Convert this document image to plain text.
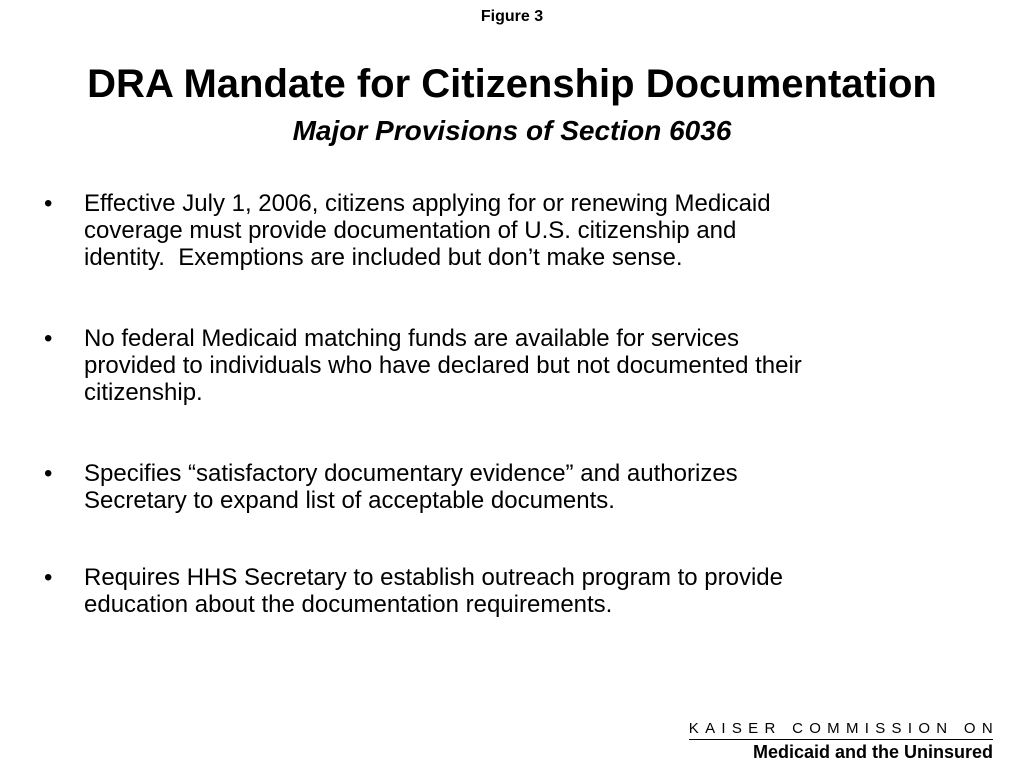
Figure 3
DRA Mandate for Citizenship Documentation
Major Provisions of Section 6036
• Effective July 1, 2006, citizens applying for or renewing Medicaid
coverage must provide documentation of U.S. citizenship and
identity.  Exemptions are included but don’t make sense.
• No federal Medicaid matching funds are available for services
provided to individuals who have declared but not documented their
citizenship.
• Specifies “satisfactory documentary evidence” and authorizes
Secretary to expand list of acceptable documents.
• Requires HHS Secretary to establish outreach program to provide
education about the documentation requirements.
KAISER COMMISSION ON
Medicaid and the Uninsured
